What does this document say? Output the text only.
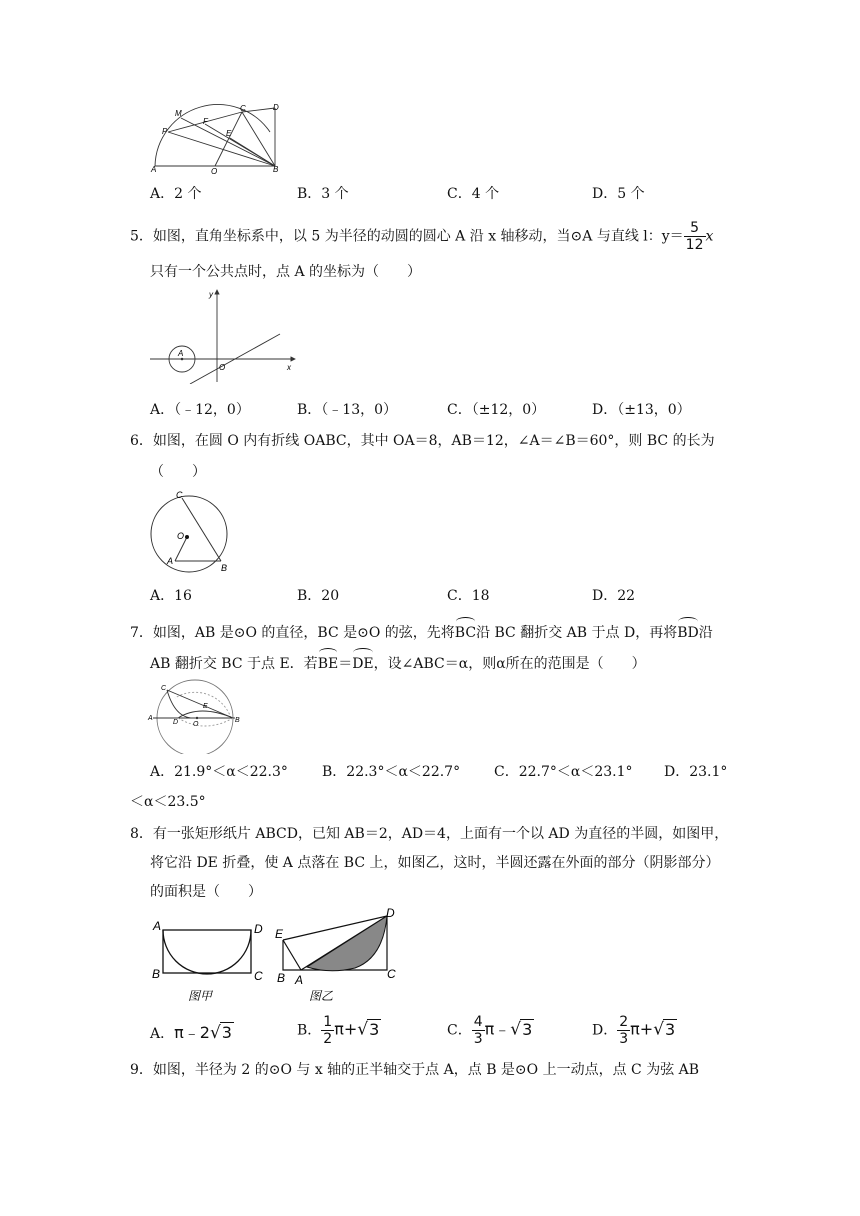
M
C	D
F
E
P
A	O	B
A．2 个	B．3 个	C．4 个	D．5 个
5．如图，直角坐标系中，以 5 为半径的动圆的圆心 A 沿 x 轴移动，当⊙A 与直线 l：$y= \frac{5}{12}$ x
只有一个公共点时，点 A 的坐标为（　　）
y
A
O	x
A．（﹣12，0）	B．（﹣13，0）	C．（±12，0）	D．（±13，0）
6．如图，在圆 O 内有折线 OABC，其中 OA＝8，AB＝12，∠A＝∠B＝60°，则 BC 的长为
（　　）
C
O
A
B
A．16	B．20	C．18	D．22
7．如图，AB 是⊙O 的直径，BC 是⊙O 的弦，先将BC沿 BC 翻折交 AB 于点 D，再将BD沿
AB 翻折交 BC 于点 E．若BE＝DE，设∠ABC＝α，则α所在的范围是（　　）
C
A
D O
E
B
A．21.9°＜α＜22.3° B．22.3°＜α＜22.7° C．22.7°＜α＜23.1° D．23.1°
＜α＜23.5°
8．有一张矩形纸片 ABCD，已知 AB＝2，AD＝4，上面有一个以 AD 为直径的半圆，如图甲，
将它沿 DE 折叠，使 A 点落在 BC 上，如图乙，这时，半圆还露在外面的部分（阴影部分）
的面积是（　　）
A	D
B	C
图甲
D
E
B A	C
图乙
A．π﹣2√3	B． $\frac{1}{2} \pi+√3$	C． $\frac{4}{3}$ π﹣√3	D． $\frac{2}{3} \pi+√3$
9．如图，半径为 2 的⊙O 与 x 轴的正半轴交于点 A，点 B 是⊙O 上一动点，点 C 为弦 AB
